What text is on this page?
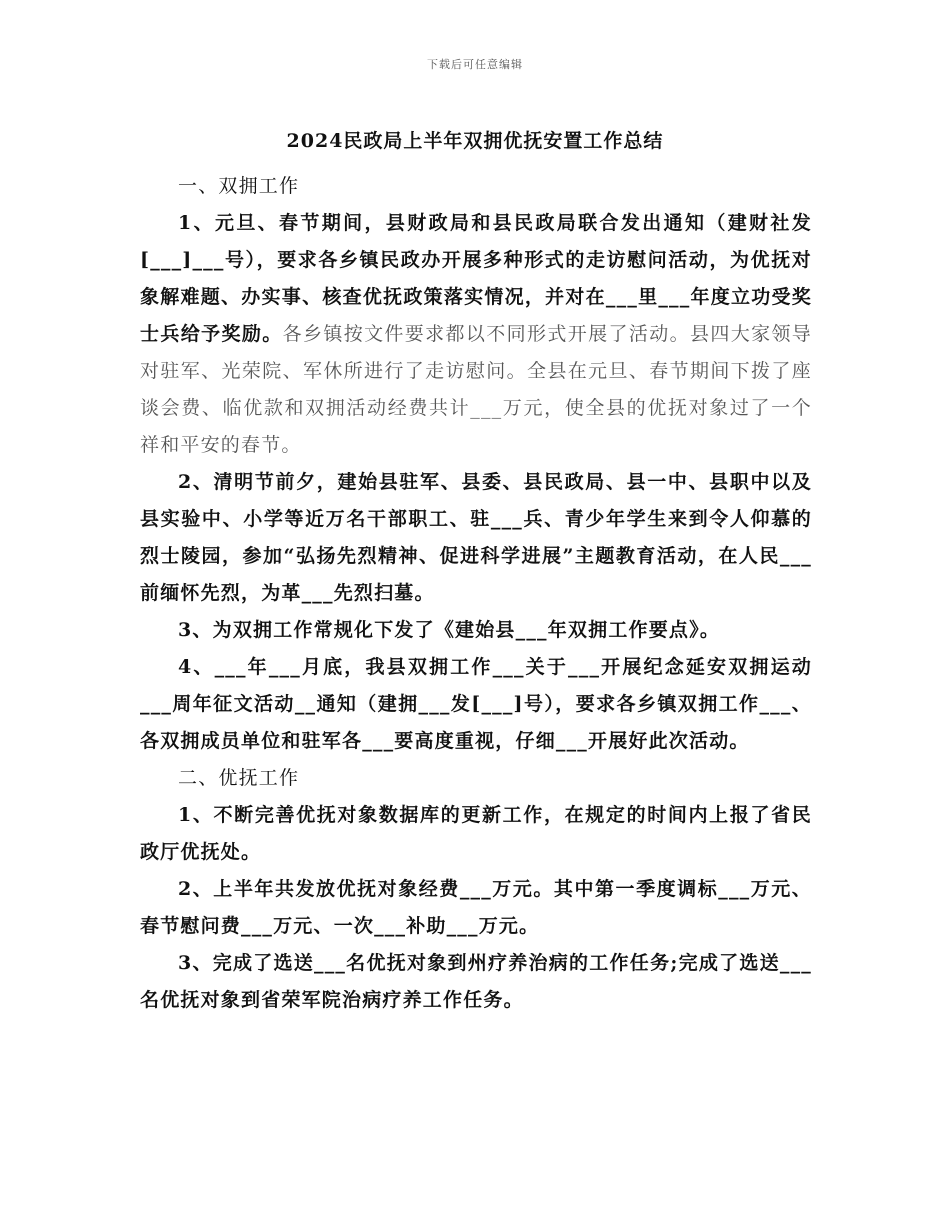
下载后可任意编辑
2024民政局上半年双拥优抚安置工作总结

一、双拥工作

1、元旦、春节期间，县财政局和县民政局联合发出通知（建财社发[___]___号），要求各乡镇民政办开展多种形式的走访慰问活动，为优抚对象解难题、办实事、核查优抚政策落实情况，并对在___里___年度立功受奖士兵给予奖励。各乡镇按文件要求都以不同形式开展了活动。县四大家领导对驻军、光荣院、军休所进行了走访慰问。全县在元旦、春节期间下拨了座谈会费、临优款和双拥活动经费共计___万元，使全县的优抚对象过了一个祥和平安的春节。

2、清明节前夕，建始县驻军、县委、县民政局、县一中、县职中以及县实验中、小学等近万名干部职工、驻___兵、青少年学生来到令人仰慕的烈士陵园，参加“弘扬先烈精神、促进科学进展”主题教育活动，在人民___前缅怀先烈，为革___先烈扫墓。

3、为双拥工作常规化下发了《建始县___年双拥工作要点》。

4、___年___月底，我县双拥工作___关于___开展纪念延安双拥运动___周年征文活动__通知（建拥___发[___]号），要求各乡镇双拥工作___、各双拥成员单位和驻军各___要高度重视，仔细___开展好此次活动。

二、优抚工作

1、不断完善优抚对象数据库的更新工作，在规定的时间内上报了省民政厅优抚处。

2、上半年共发放优抚对象经费___万元。其中第一季度调标___万元、春节慰问费___万元、一次___补助___万元。

3、完成了选送___名优抚对象到州疗养治病的工作任务;完成了选送___名优抚对象到省荣军院治病疗养工作任务。
